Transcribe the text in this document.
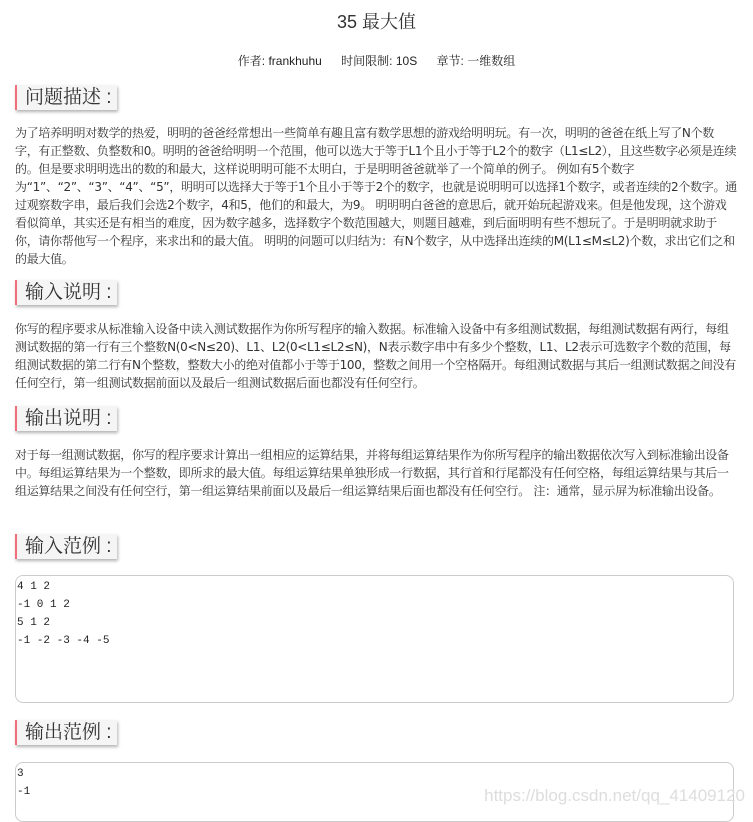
35 最大值
作者: frankhuhu 时间限制: 10S 章节: 一维数组
问题描述 :
为了培养明明对数学的热爱，明明的爸爸经常想出一些简单有趣且富有数学思想的游戏给明明玩。有一次，明明的爸爸在纸上写了N个数字，有正整数、负整数和0。明明的爸爸给明明一个范围，他可以选大于等于L1个且小于等于L2个的数字（L1≤L2），且这些数字必须是连续的。但是要求明明选出的数的和最大，这样说明明可能不太明白，于是明明爸爸就举了一个简单的例子。 例如有5个数字为“1”、“2”、“3”、“4”、“5”，明明可以选择大于等于1个且小于等于2个的数字，也就是说明明可以选择1个数字，或者连续的2个数字。通过观察数字串，最后我们会选2个数字，4和5，他们的和最大，为9。 明明明白爸爸的意思后，就开始玩起游戏来。但是他发现，这个游戏看似简单，其实还是有相当的难度，因为数字越多，选择数字个数范围越大，则题目越难，到后面明明有些不想玩了。于是明明就求助于你，请你帮他写一个程序，来求出和的最大值。 明明的问题可以归结为：有N个数字，从中选择出连续的M(L1≤M≤L2)个数，求出它们之和的最大值。
输入说明 :
你写的程序要求从标准输入设备中读入测试数据作为你所写程序的输入数据。标准输入设备中有多组测试数据，每组测试数据有两行，每组测试数据的第一行有三个整数N(0<N≤20)、L1、L2(0<L1≤L2≤N)，N表示数字串中有多少个整数，L1、L2表示可选数字个数的范围，每组测试数据的第二行有N个整数，整数大小的绝对值都小于等于100，整数之间用一个空格隔开。每组测试数据与其后一组测试数据之间没有任何空行，第一组测试数据前面以及最后一组测试数据后面也都没有任何空行。
输出说明 :
对于每一组测试数据，你写的程序要求计算出一组相应的运算结果，并将每组运算结果作为你所写程序的输出数据依次写入到标准输出设备中。每组运算结果为一个整数，即所求的最大值。每组运算结果单独形成一行数据，其行首和行尾都没有任何空格，每组运算结果与其后一组运算结果之间没有任何空行，第一组运算结果前面以及最后一组运算结果后面也都没有任何空行。 注：通常，显示屏为标准输出设备。
输入范例 :
4 1 2
-1 0 1 2
5 1 2
-1 -2 -3 -4 -5
输出范例 :
3
-1	https://blog.csdn.net/qq_41409120
